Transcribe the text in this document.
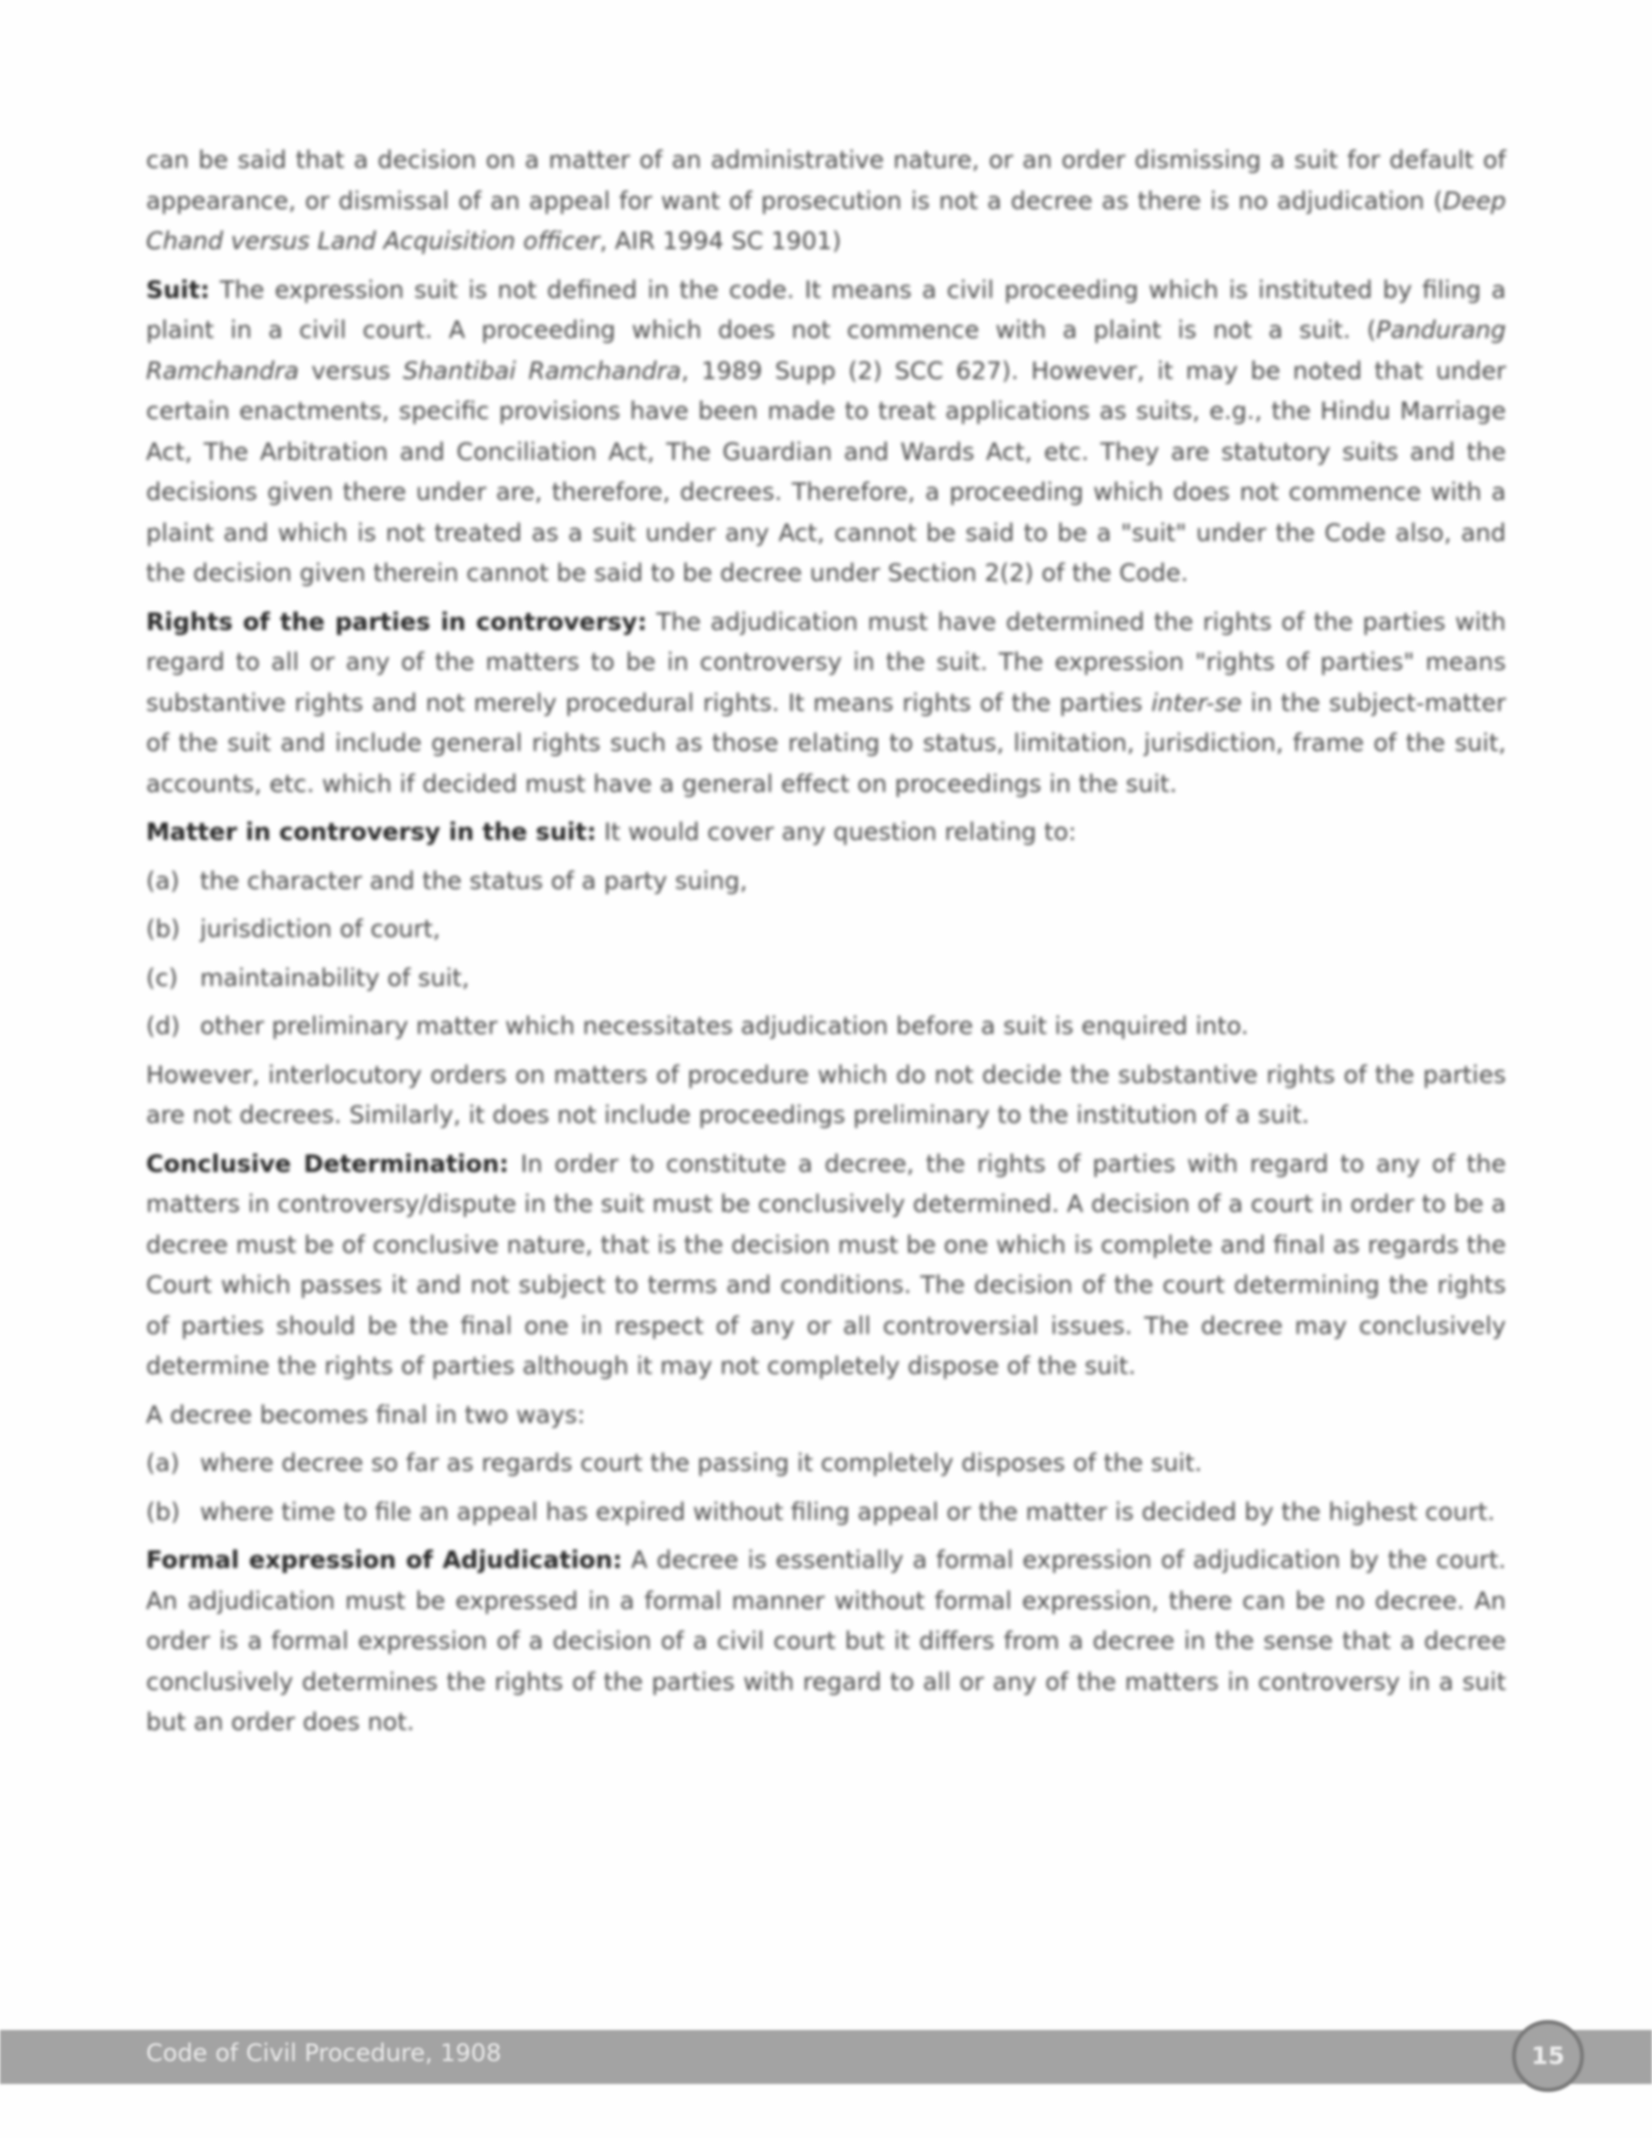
can be said that a decision on a matter of an administrative nature, or an order dismissing a suit for default of appearance, or dismissal of an appeal for want of prosecution is not a decree as there is no adjudication (Deep Chand versus Land Acquisition officer, AIR 1994 SC 1901)

Suit: The expression suit is not defined in the code. It means a civil proceeding which is instituted by filing a plaint in a civil court. A proceeding which does not commence with a plaint is not a suit. (Pandurang Ramchandra versus Shantibai Ramchandra, 1989 Supp (2) SCC 627). However, it may be noted that under certain enactments, specific provisions have been made to treat applications as suits, e.g., the Hindu Marriage Act, The Arbitration and Conciliation Act, The Guardian and Wards Act, etc. They are statutory suits and the decisions given there under are, therefore, decrees. Therefore, a proceeding which does not commence with a plaint and which is not treated as a suit under any Act, cannot be said to be a "suit" under the Code also, and the decision given therein cannot be said to be decree under Section 2(2) of the Code.

Rights of the parties in controversy: The adjudication must have determined the rights of the parties with regard to all or any of the matters to be in controversy in the suit. The expression "rights of parties" means substantive rights and not merely procedural rights. It means rights of the parties inter-se in the subject-matter of the suit and include general rights such as those relating to status, limitation, jurisdiction, frame of the suit, accounts, etc. which if decided must have a general effect on proceedings in the suit.

Matter in controversy in the suit: It would cover any question relating to:

(a) the character and the status of a party suing,
(b) jurisdiction of court,
(c) maintainability of suit,
(d) other preliminary matter which necessitates adjudication before a suit is enquired into.

However, interlocutory orders on matters of procedure which do not decide the substantive rights of the parties are not decrees. Similarly, it does not include proceedings preliminary to the institution of a suit.

Conclusive Determination: In order to constitute a decree, the rights of parties with regard to any of the matters in controversy/dispute in the suit must be conclusively determined. A decision of a court in order to be a decree must be of conclusive nature, that is the decision must be one which is complete and final as regards the Court which passes it and not subject to terms and conditions. The decision of the court determining the rights of parties should be the final one in respect of any or all controversial issues. The decree may conclusively determine the rights of parties although it may not completely dispose of the suit.

A decree becomes final in two ways:

(a) where decree so far as regards court the passing it completely disposes of the suit.
(b) where time to file an appeal has expired without filing appeal or the matter is decided by the highest court.

Formal expression of Adjudication: A decree is essentially a formal expression of adjudication by the court. An adjudication must be expressed in a formal manner without formal expression, there can be no decree. An order is a formal expression of a decision of a civil court but it differs from a decree in the sense that a decree conclusively determines the rights of the parties with regard to all or any of the matters in controversy in a suit but an order does not.

Code of Civil Procedure, 1908	15
